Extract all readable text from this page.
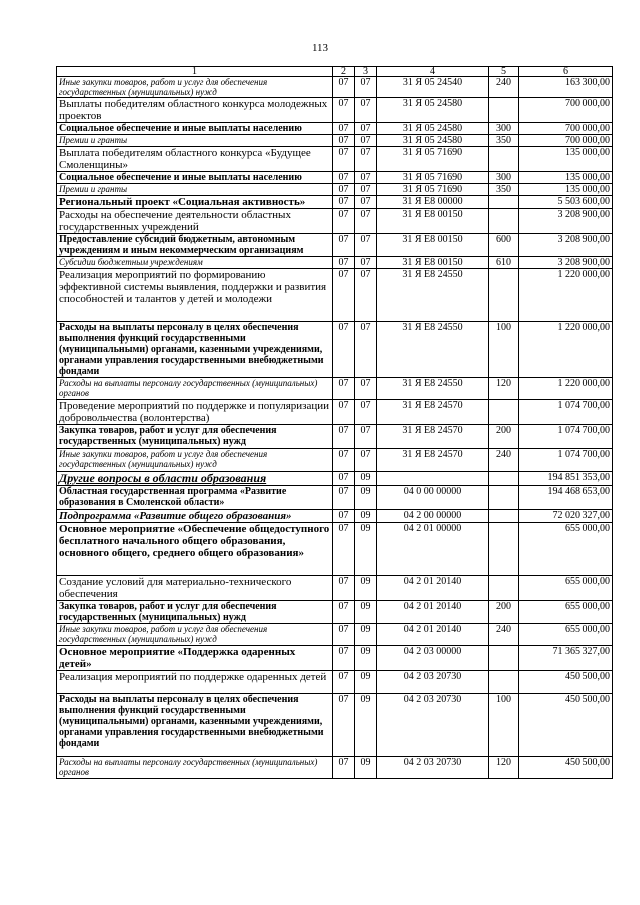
113
1	2	3	4	5	6
Иные закупки товаров, работ и услуг для обеспечения государственных (муниципальных) нужд	07	07	31 Я 05 24540	240	163 300,00
Выплаты победителям областного конкурса молодежных проектов	07	07	31 Я 05 24580		700 000,00
Социальное обеспечение и иные выплаты населению	07	07	31 Я 05 24580	300	700 000,00
Премии и гранты	07	07	31 Я 05 24580	350	700 000,00
Выплата победителям областного конкурса «Будущее Смоленщины»	07	07	31 Я 05 71690		135 000,00
Социальное обеспечение и иные выплаты населению	07	07	31 Я 05 71690	300	135 000,00
Премии и гранты	07	07	31 Я 05 71690	350	135 000,00
Региональный проект «Социальная активность»	07	07	31 Я Е8 00000		5 503 600,00
Расходы на обеспечение деятельности областных государственных учреждений	07	07	31 Я Е8 00150		3 208 900,00
Предоставление субсидий бюджетным, автономным учреждениям и иным некоммерческим организациям	07	07	31 Я Е8 00150	600	3 208 900,00
Субсидии бюджетным учреждениям	07	07	31 Я Е8 00150	610	3 208 900,00
Реализация мероприятий по формированию эффективной системы выявления, поддержки и развития способностей и талантов у детей и молодежи	07	07	31 Я Е8 24550		1 220 000,00
Расходы на выплаты персоналу в целях обеспечения выполнения функций государственными (муниципальными) органами, казенными учреждениями, органами управления государственными внебюджетными фондами	07	07	31 Я Е8 24550	100	1 220 000,00
Расходы на выплаты персоналу государственных (муниципальных) органов	07	07	31 Я Е8 24550	120	1 220 000,00
Проведение мероприятий по поддержке и популяризации добровольчества (волонтерства)	07	07	31 Я Е8 24570		1 074 700,00
Закупка товаров, работ и услуг для обеспечения государственных (муниципальных) нужд	07	07	31 Я Е8 24570	200	1 074 700,00
Иные закупки товаров, работ и услуг для обеспечения государственных (муниципальных) нужд	07	07	31 Я Е8 24570	240	1 074 700,00
Другие вопросы в области образования	07	09			194 851 353,00
Областная государственная программа «Развитие образования в Смоленской области»	07	09	04 0 00 00000		194 468 653,00
Подпрограмма «Развитие общего образования»	07	09	04 2 00 00000		72 020 327,00
Основное мероприятие «Обеспечение общедоступного бесплатного начального общего образования, основного общего, среднего общего образования»	07	09	04 2 01 00000		655 000,00
Создание условий для материально-технического обеспечения	07	09	04 2 01 20140		655 000,00
Закупка товаров, работ и услуг для обеспечения государственных (муниципальных) нужд	07	09	04 2 01 20140	200	655 000,00
Иные закупки товаров, работ и услуг для обеспечения государственных (муниципальных) нужд	07	09	04 2 01 20140	240	655 000,00
Основное мероприятие «Поддержка одаренных детей»	07	09	04 2 03 00000		71 365 327,00
Реализация мероприятий по поддержке одаренных детей	07	09	04 2 03 20730		450 500,00
Расходы на выплаты персоналу в целях обеспечения выполнения функций государственными (муниципальными) органами, казенными учреждениями, органами управления государственными внебюджетными фондами	07	09	04 2 03 20730	100	450 500,00
Расходы на выплаты персоналу государственных (муниципальных) органов	07	09	04 2 03 20730	120	450 500,00
